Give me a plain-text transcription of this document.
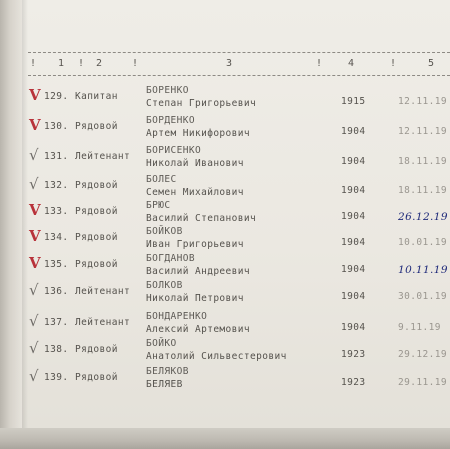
! 1 ! 2	!	3	! 4	!	5
V 129. Капитан
БОРЕНКО
Степан Григорьевич	1915	12.11.19
V 130. Рядовой
БОРДЕНКО
Артем Никифорович	1904	12.11.19
√ 131. Лейтенант
БОРИСЕНКО
Николай Иванович	1904	18.11.19
√ 132. Рядовой
БОЛЕС
Семен Михайлович	1904	18.11.19
V 133. Рядовой
БРЮС
Василий Степанович	1904	26.12.19
V 134. Рядовой
БОЙКОВ
Иван Григорьевич	1904	10.01.19
V 135. Рядовой
БОГДАНОВ
Василий Андреевич	1904	10.11.19
√ 136. Лейтенант
БОЛКОВ
Николай Петрович	1904	30.01.19
√ 137. Лейтенант
БОНДАРЕНКО
Алексий Артемович	1904	9.11.19
√ 138. Рядовой
БОЙКО
Анатолий Сильвестерович	1923	29.12.19
√ 139. Рядовой
БЕЛЯКОВ
БЕЛЯЕВ	1923	29.11.19
